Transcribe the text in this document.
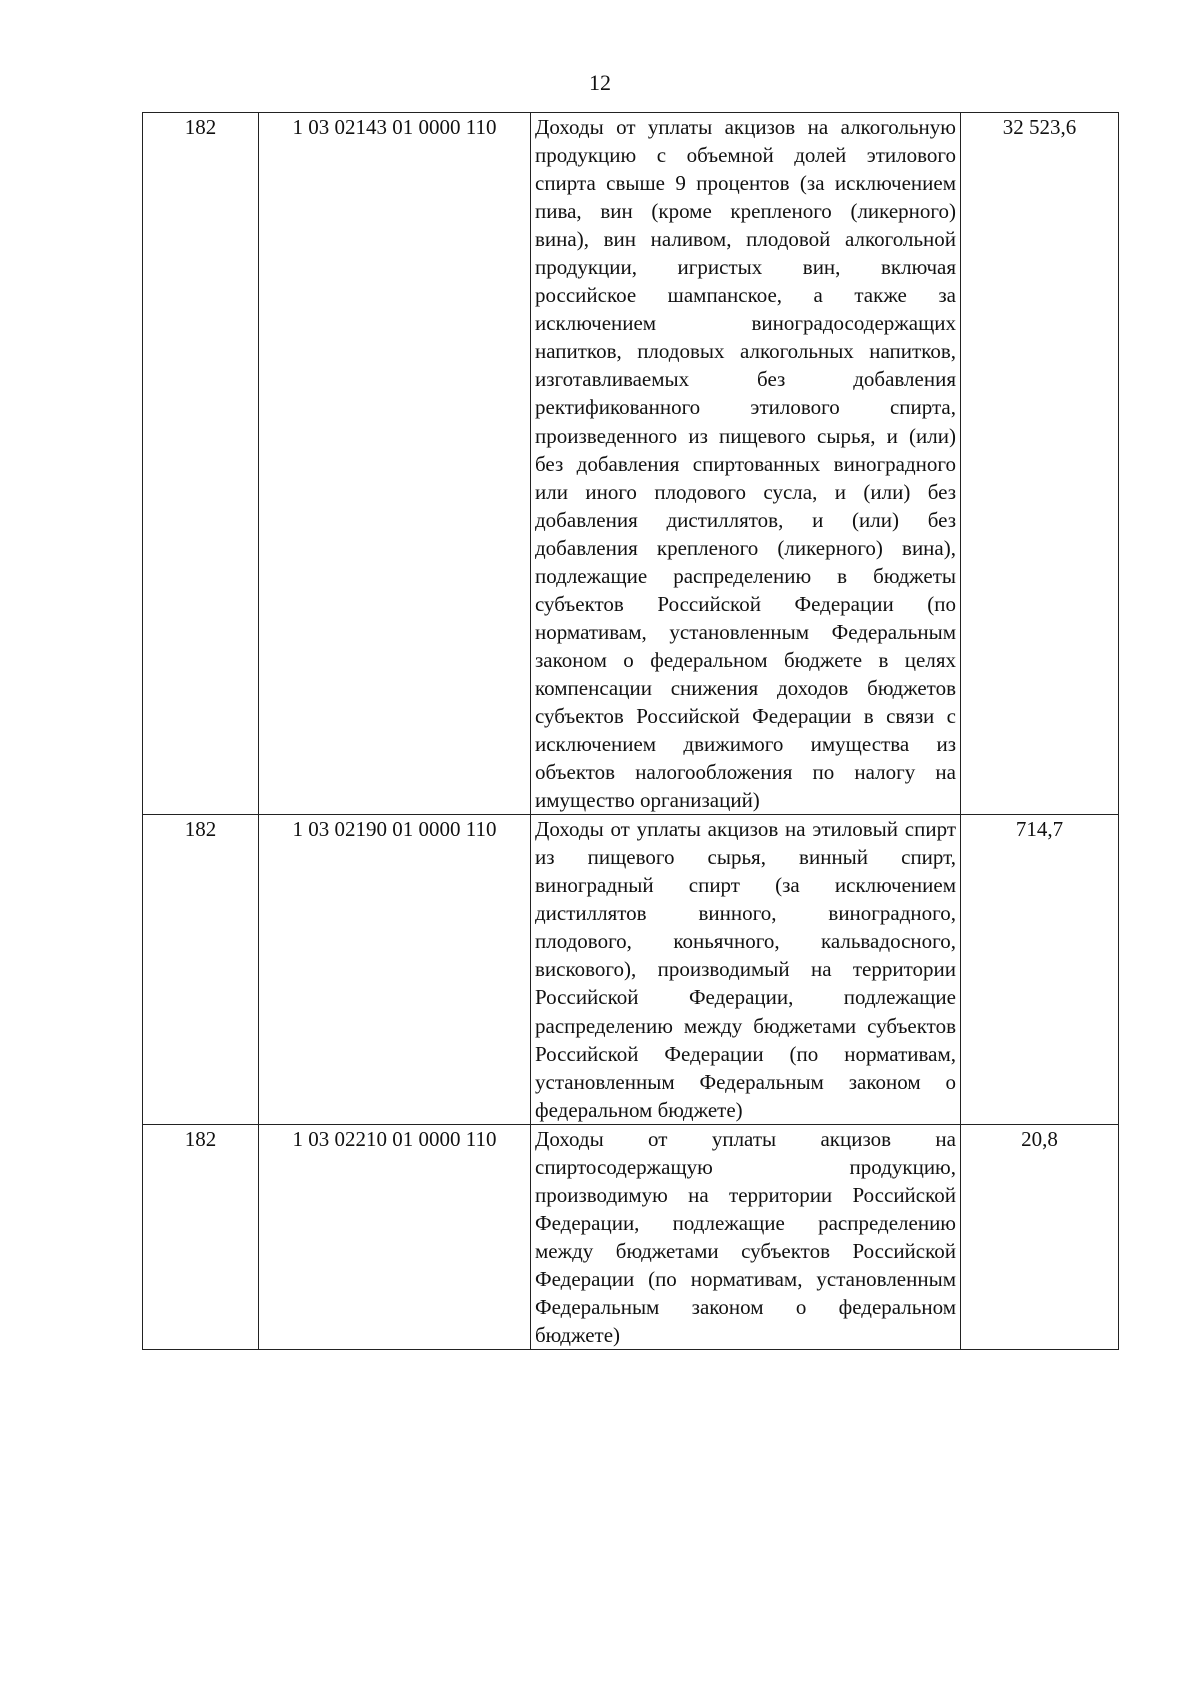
12
182	1 03 02143 01 0000 110	Доходы от уплаты акцизов на алкогольную продукцию с объемной долей этилового спирта свыше 9 процентов (за исключением пива, вин (кроме крепленого (ликерного) вина), вин наливом, плодовой алкогольной продукции, игристых вин, включая российское шампанское, а также за исключением виноградосодержащих напитков, плодовых алкогольных напитков, изготавливаемых без добавления ректификованного этилового спирта, произведенного из пищевого сырья, и (или) без добавления спиртованных виноградного или иного плодового сусла, и (или) без добавления дистиллятов, и (или) без добавления крепленого (ликерного) вина), подлежащие распределению в бюджеты субъектов Российской Федерации (по нормативам, установленным Федеральным законом о федеральном бюджете в целях компенсации снижения доходов бюджетов субъектов Российской Федерации в связи с исключением движимого имущества из объектов налогообложения по налогу на имущество организаций)	32 523,6
182	1 03 02190 01 0000 110	Доходы от уплаты акцизов на этиловый спирт из пищевого сырья, винный спирт, виноградный спирт (за исключением дистиллятов винного, виноградного, плодового, коньячного, кальвадосного, вискового), производимый на территории Российской Федерации, подлежащие распределению между бюджетами субъектов Российской Федерации (по нормативам, установленным Федеральным законом о федеральном бюджете)	714,7
182	1 03 02210 01 0000 110	Доходы от уплаты акцизов на спиртосодержащую продукцию, производимую на территории Российской Федерации, подлежащие распределению между бюджетами субъектов Российской Федерации (по нормативам, установленным Федеральным законом о федеральном бюджете)	20,8
